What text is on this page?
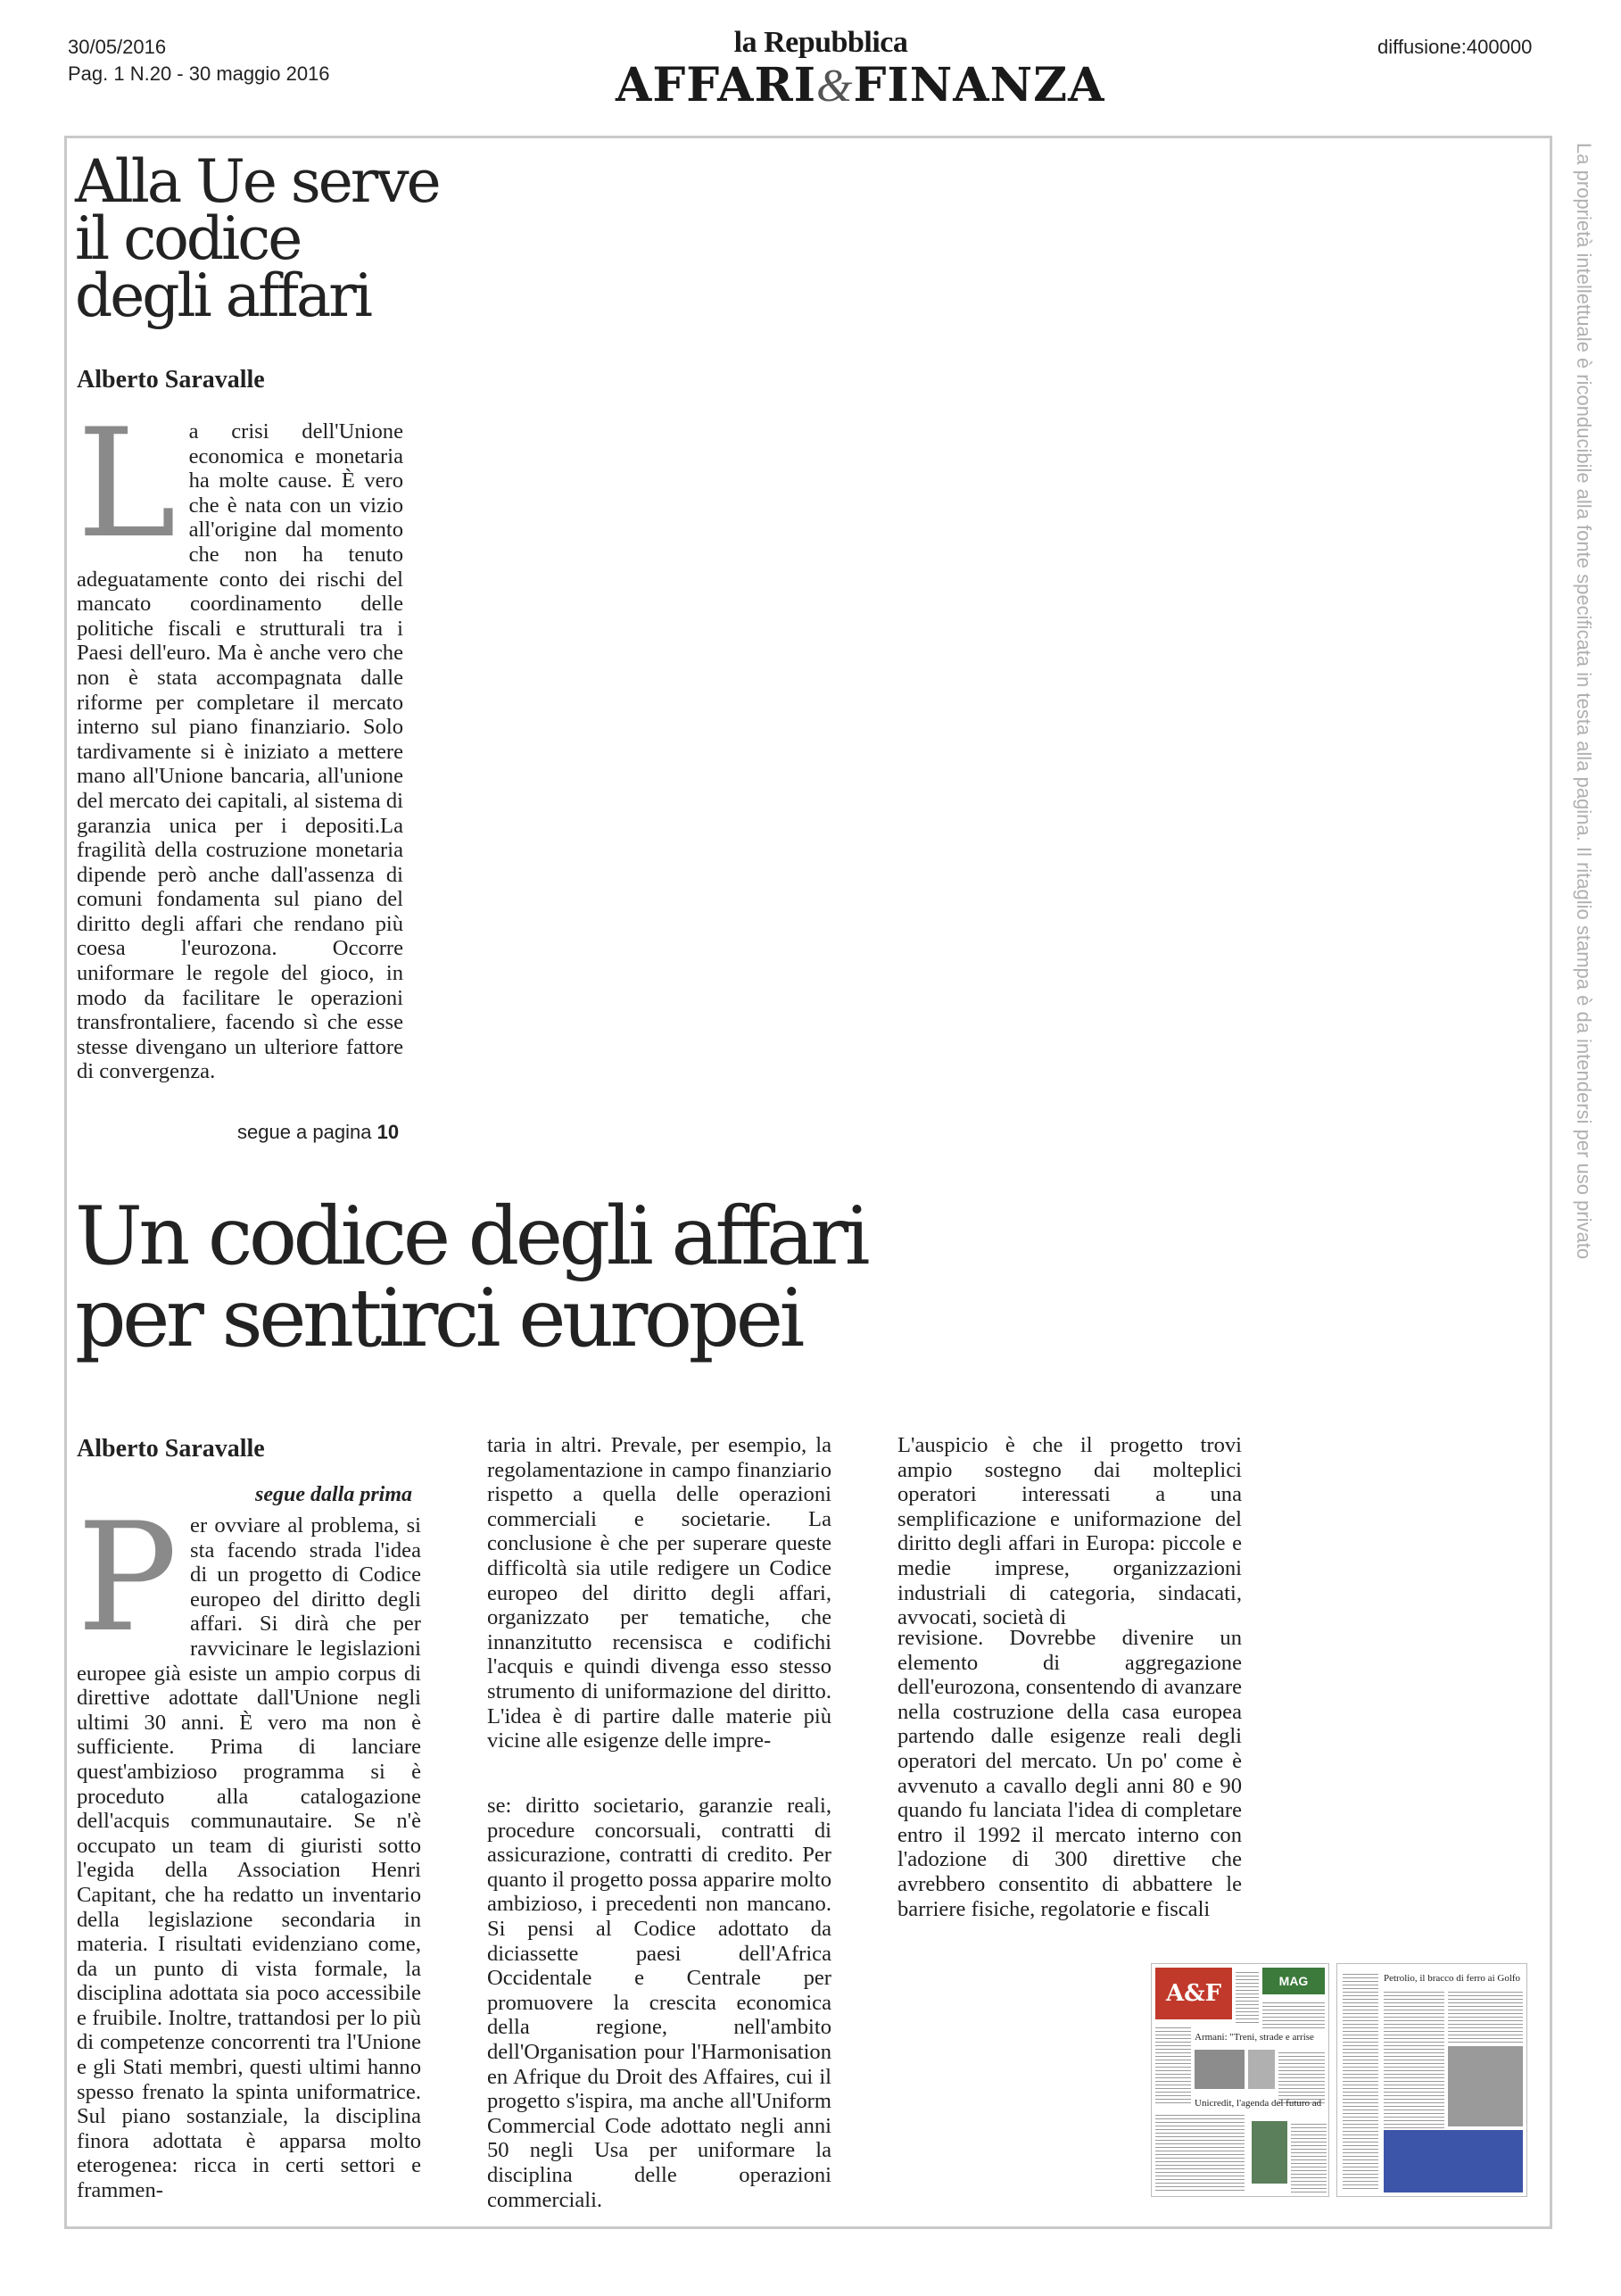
30/05/2016
Pag. 1 N.20 - 30 maggio 2016
diffusione:400000
la Repubblica
AFFARI&FINANZA
La proprietà intellettuale è riconducibile alla fonte specificata in testa alla pagina. Il ritaglio stampa è da intendersi per uso privato
Alla Ue serve
il codice
degli affari
Alberto Saravalle
La crisi dell'Unione economica e monetaria ha molte cause. È vero che è nata con un vizio all'origine dal momento che non ha tenuto adeguatamente conto dei rischi del mancato coordinamento delle politiche fiscali e strutturali tra i Paesi dell'euro. Ma è anche vero che non è stata accompagnata dalle riforme per completare il mercato interno sul piano finanziario. Solo tardivamente si è iniziato a mettere mano all'Unione bancaria, all'unione del mercato dei capitali, al sistema di garanzia unica per i depositi.La fragilità della costruzione monetaria dipende però anche dall'assenza di comuni fondamenta sul piano del diritto degli affari che rendano più coesa l'eurozona. Occorre uniformare le regole del gioco, in modo da facilitare le operazioni transfrontaliere, facendo sì che esse stesse divengano un ulteriore fattore di convergenza.
segue a pagina 10
Un codice degli affari
per sentirci europei
Alberto Saravalle
segue dalla prima
Per ovviare al problema, si sta facendo strada l'idea di un progetto di Codice europeo del diritto degli affari. Si dirà che per ravvicinare le legislazioni europee già esiste un ampio corpus di direttive adottate dall'Unione negli ultimi 30 anni. È vero ma non è sufficiente. Prima di lanciare quest'ambizioso programma si è proceduto alla catalogazione dell'acquis communautaire. Se n'è occupato un team di giuristi sotto l'egida della Association Henri Capitant, che ha redatto un inventario della legislazione secondaria in materia. I risultati evidenziano come, da un punto di vista formale, la disciplina adottata sia poco accessibile e fruibile. Inoltre, trattandosi per lo più di competenze concorrenti tra l'Unione e gli Stati membri, questi ultimi hanno spesso frenato la spinta uniformatrice. Sul piano sostanziale, la disciplina finora adottata è apparsa molto eterogenea: ricca in certi settori e frammen-
taria in altri. Prevale, per esempio, la regolamentazione in campo finanziario rispetto a quella delle operazioni commerciali e societarie. La conclusione è che per superare queste difficoltà sia utile redigere un Codice europeo del diritto degli affari, organizzato per tematiche, che innanzitutto recensisca e codifichi l'acquis e quindi divenga esso stesso strumento di uniformazione del diritto. L'idea è di partire dalle materie più vicine alle esigenze delle impre-
se: diritto societario, garanzie reali, procedure concorsuali, contratti di assicurazione, contratti di credito. Per quanto il progetto possa apparire molto ambizioso, i precedenti non mancano. Si pensi al Codice adottato da diciassette paesi dell'Africa Occidentale e Centrale per promuovere la crescita economica della regione, nell'ambito dell'Organisation pour l'Harmonisation en Afrique du Droit des Affaires, cui il progetto s'ispira, ma anche all'Uniform Commercial Code adottato negli anni 50 negli Usa per uniformare la disciplina delle operazioni commerciali.
L'auspicio è che il progetto trovi ampio sostegno dai molteplici operatori interessati a una semplificazione e uniformazione del diritto degli affari in Europa: piccole e medie imprese, organizzazioni industriali di categoria, sindacati, avvocati, società di
revisione. Dovrebbe divenire un elemento di aggregazione dell'eurozona, consentendo di avanzare nella costruzione della casa europea partendo dalle esigenze reali degli operatori del mercato. Un po' come è avvenuto a cavallo degli anni 80 e 90 quando fu lanciata l'idea di completare entro il 1992 il mercato interno con l'adozione di 300 direttive che avrebbero consentito di abbattere le barriere fisiche, regolatorie e fiscali
A&F	MAG
Armani: "Treni, strade e arrise
Unicredit, l'agenda del futuro ad
Petrolio, il bracco di ferro ai Golfo
